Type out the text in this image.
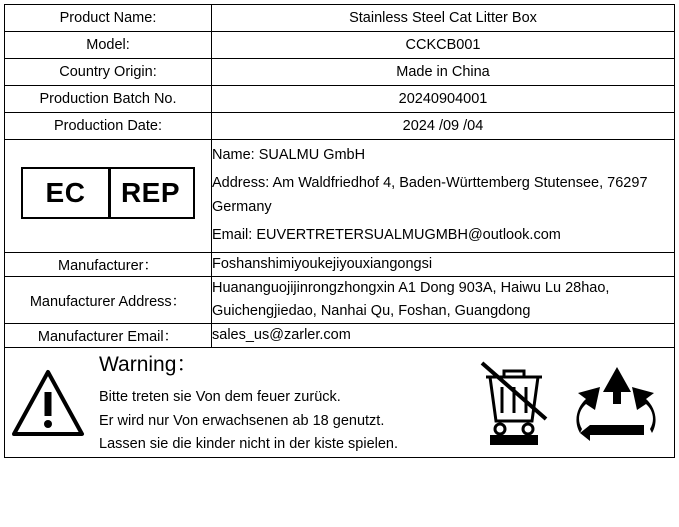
Product Name:	Stainless Steel Cat Litter Box
Model:	CCKCB001
Country Origin:	Made in China
Production Batch No.	20240904001
Production Date:	2024 /09 /04

EC	REP

Name: SUALMU GmbH
Address: Am Waldfriedhof 4, Baden-Württemberg Stutensee, 76297 Germany
Email: EUVERTRETERSUALMUGMBH@outlook.com

Manufacturer：	Foshanshimiyoukejiyouxiangongsi
Manufacturer Address：	Huananguojijinrongzhongxin A1 Dong 903A, Haiwu Lu 28hao, Guichengjiedao, Nanhai Qu, Foshan, Guangdong
Manufacturer Email：	sales_us@zarler.com

Warning：
Bitte treten sie Von dem feuer zurück.
Er wird nur Von erwachsenen ab 18 genutzt.
Lassen sie die kinder nicht in der kiste spielen.	
